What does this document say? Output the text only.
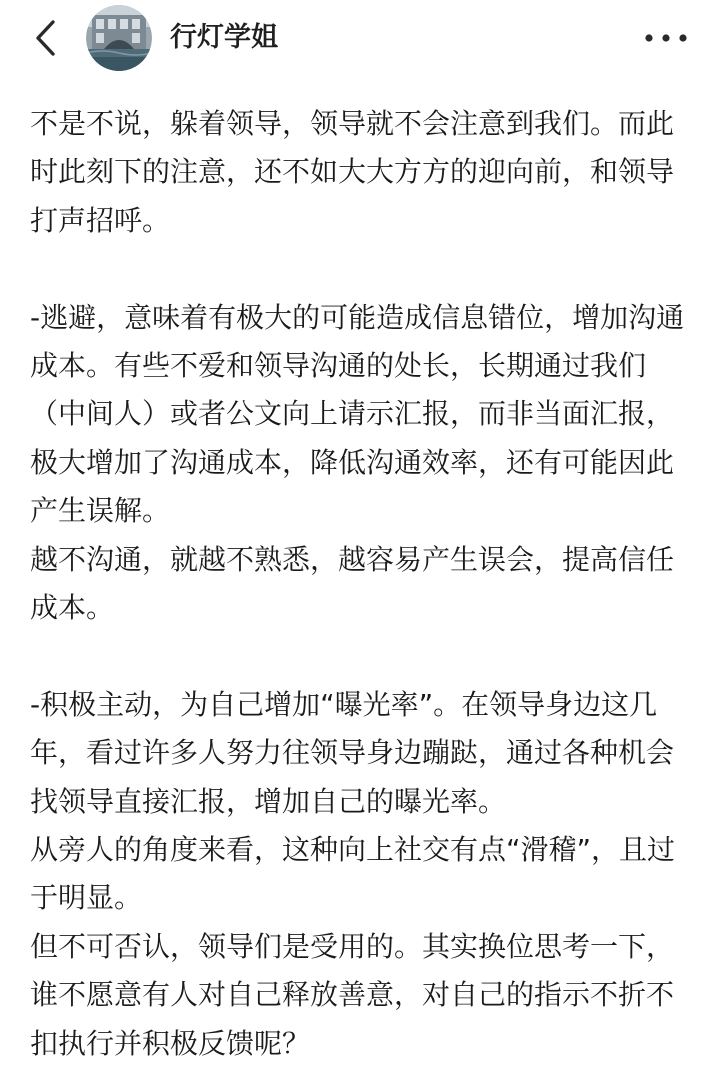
行灯学姐

不是不说，躲着领导，领导就不会注意到我们。而此时此刻下的注意，还不如大大方方的迎向前，和领导打声招呼。

-逃避，意味着有极大的可能造成信息错位，增加沟通成本。有些不爱和领导沟通的处长，长期通过我们（中间人）或者公文向上请示汇报，而非当面汇报，极大增加了沟通成本，降低沟通效率，还有可能因此产生误解。

越不沟通，就越不熟悉，越容易产生误会，提高信任成本。

-积极主动，为自己增加“曝光率”。在领导身边这几年，看过许多人努力往领导身边蹦跶，通过各种机会找领导直接汇报，增加自己的曝光率。

从旁人的角度来看，这种向上社交有点“滑稽”，且过于明显。

但不可否认，领导们是受用的。其实换位思考一下，谁不愿意有人对自己释放善意，对自己的指示不折不扣执行并积极反馈呢？
